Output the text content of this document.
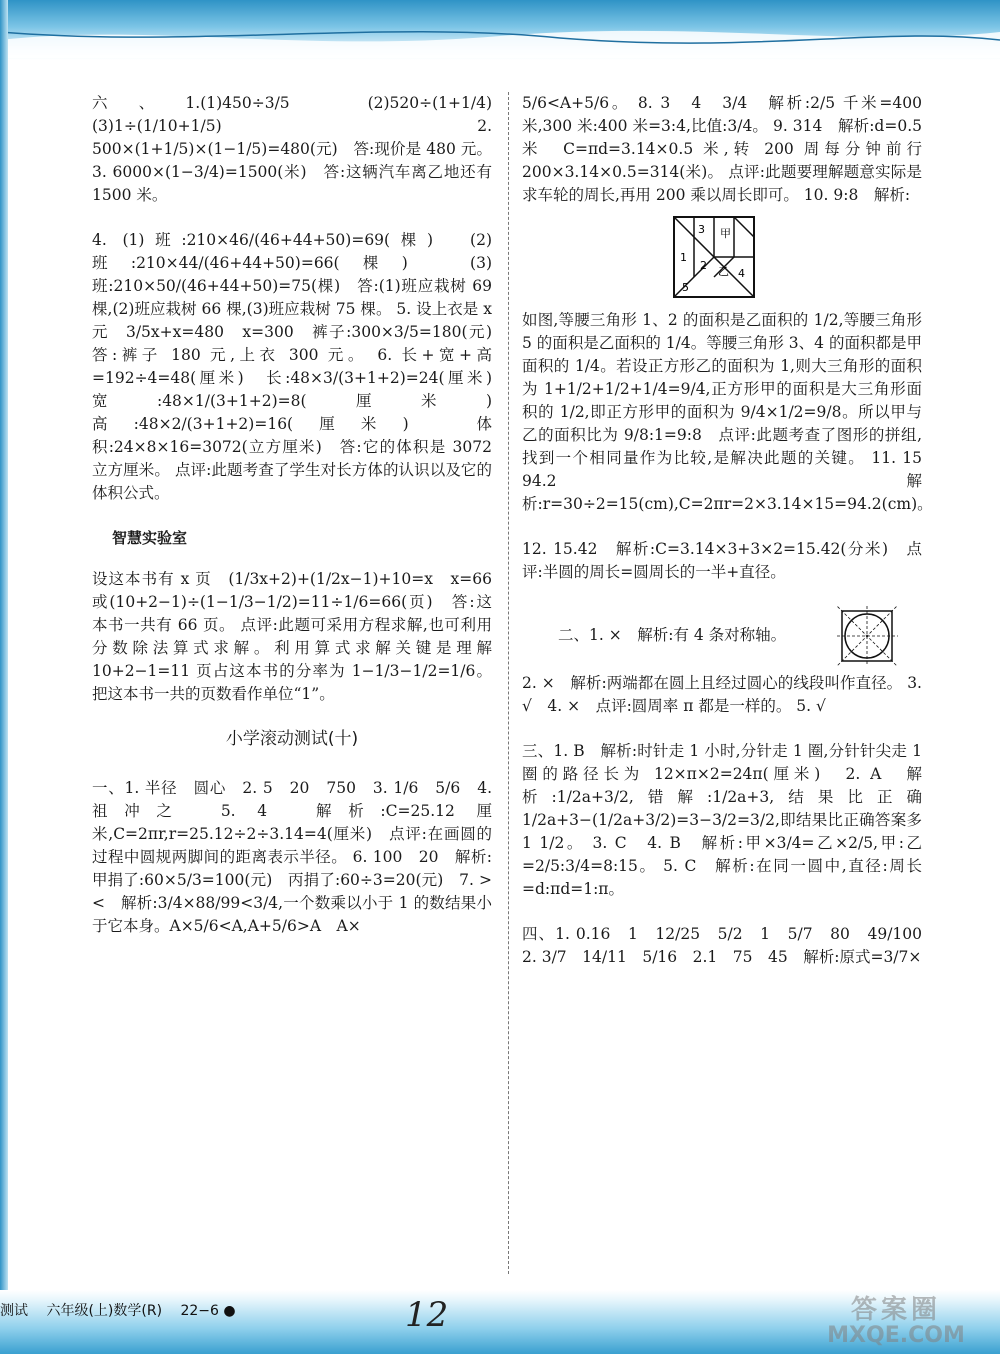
六、1.(1)450÷3/5　(2)520÷(1+1/4)　(3)1÷(1/10+1/5)　2. 500×(1+1/5)×(1−1/5)=480(元)　答:现价是 480 元。 3. 6000×(1−3/4)=1500(米)　答:这辆汽车离乙地还有 1500 米。

4. (1)班:210×46/(46+44+50)=69(棵)　(2)班:210×44/(46+44+50)=66(棵)　(3)班:210×50/(46+44+50)=75(棵)　答:(1)班应栽树 69 棵,(2)班应栽树 66 棵,(3)班应栽树 75 棵。 5. 设上衣是 x 元　3/5x+x=480　x=300　裤子:300×3/5=180(元)　答:裤子 180 元,上衣 300 元。 6. 长+宽+高=192÷4=48(厘米)　长:48×3/(3+1+2)=24(厘米)　宽:48×1/(3+1+2)=8(厘米)　高:48×2/(3+1+2)=16(厘米)　体积:24×8×16=3072(立方厘米)　答:它的体积是 3072 立方厘米。 点评:此题考查了学生对长方体的认识以及它的体积公式。

智慧实验室

设这本书有 x 页　(1/3x+2)+(1/2x−1)+10=x　x=66 或(10+2−1)÷(1−1/3−1/2)=11÷1/6=66(页)　答:这本书一共有 66 页。 点评:此题可采用方程求解,也可利用分数除法算式求解。利用算式求解关键是理解 10+2−1=11 页占这本书的分率为 1−1/3−1/2=1/6。把这本书一共的页数看作单位“1”。

小学滚动测试(十)

一、1. 半径　圆心　2. 5　20　750　3. 1/6　5/6　4. 祖冲之　5. 4　解析:C=25.12 厘米,C=2πr,r=25.12÷2÷3.14=4(厘米)　点评:在画圆的过程中圆规两脚间的距离表示半径。 6. 100　20　解析:甲捐了:60×5/3=100(元)　丙捐了:60÷3=20(元)　7. >　<　解析:3/4×88/99<3/4,一个数乘以小于 1 的数结果小于它本身。A×5/6<A,A+5/6>A　A×

5/6<A+5/6。 8. 3　4　3/4　解析:2/5 千米=400 米,300 米:400 米=3:4,比值:3/4。 9. 314　解析:d=0.5 米　C=πd=3.14×0.5 米,转 200 周每分钟前行 200×3.14×0.5=314(米)。 点评:此题要理解题意实际是求车轮的周长,再用 200 乘以周长即可。 10. 9:8　解析:

3 甲
1
2 乙 4
5

如图,等腰三角形 1、2 的面积是乙面积的 1/2,等腰三角形 5 的面积是乙面积的 1/4。等腰三角形 3、4 的面积都是甲面积的 1/4。若设正方形乙的面积为 1,则大三角形的面积为 1+1/2+1/2+1/4=9/4,正方形甲的面积是大三角形面积的 1/2,即正方形甲的面积为 9/4×1/2=9/8。所以甲与乙的面积比为 9/8:1=9:8　点评:此题考查了图形的拼组,找到一个相同量作为比较,是解决此题的关键。 11. 15　94.2　解析:r=30÷2=15(cm),C=2πr=2×3.14×15=94.2(cm)。

12. 15.42　解析:C=3.14×3+3×2=15.42(分米)　点评:半圆的周长=圆周长的一半+直径。

二、1. ×　解析:有 4 条对称轴。

2. ×　解析:两端都在圆上且经过圆心的线段叫作直径。 3. √　4. ×　点评:圆周率 π 都是一样的。 5. √

三、1. B　解析:时针走 1 小时,分针走 1 圈,分针针尖走 1 圈的路径长为 12×π×2=24π(厘米)　2. A　解析:1/2a+3/2,错解:1/2a+3,结果比正确 1/2a+3−(1/2a+3/2)=3−3/2=3/2,即结果比正确答案多 1 1/2。 3. C　4. B　解析:甲×3/4=乙×2/5,甲:乙=2/5:3/4=8:15。 5. C　解析:在同一圆中,直径:周长=d:πd=1:π。

四、1. 0.16　1　12/25　5/2　1　5/7　80　49/100　2. 3/7　14/11　5/16　2.1　75　45　解析:原式=3/7×

测试 六年级(上)数学(R) 22−6 ●	12	答案圈
MXQE.COM
